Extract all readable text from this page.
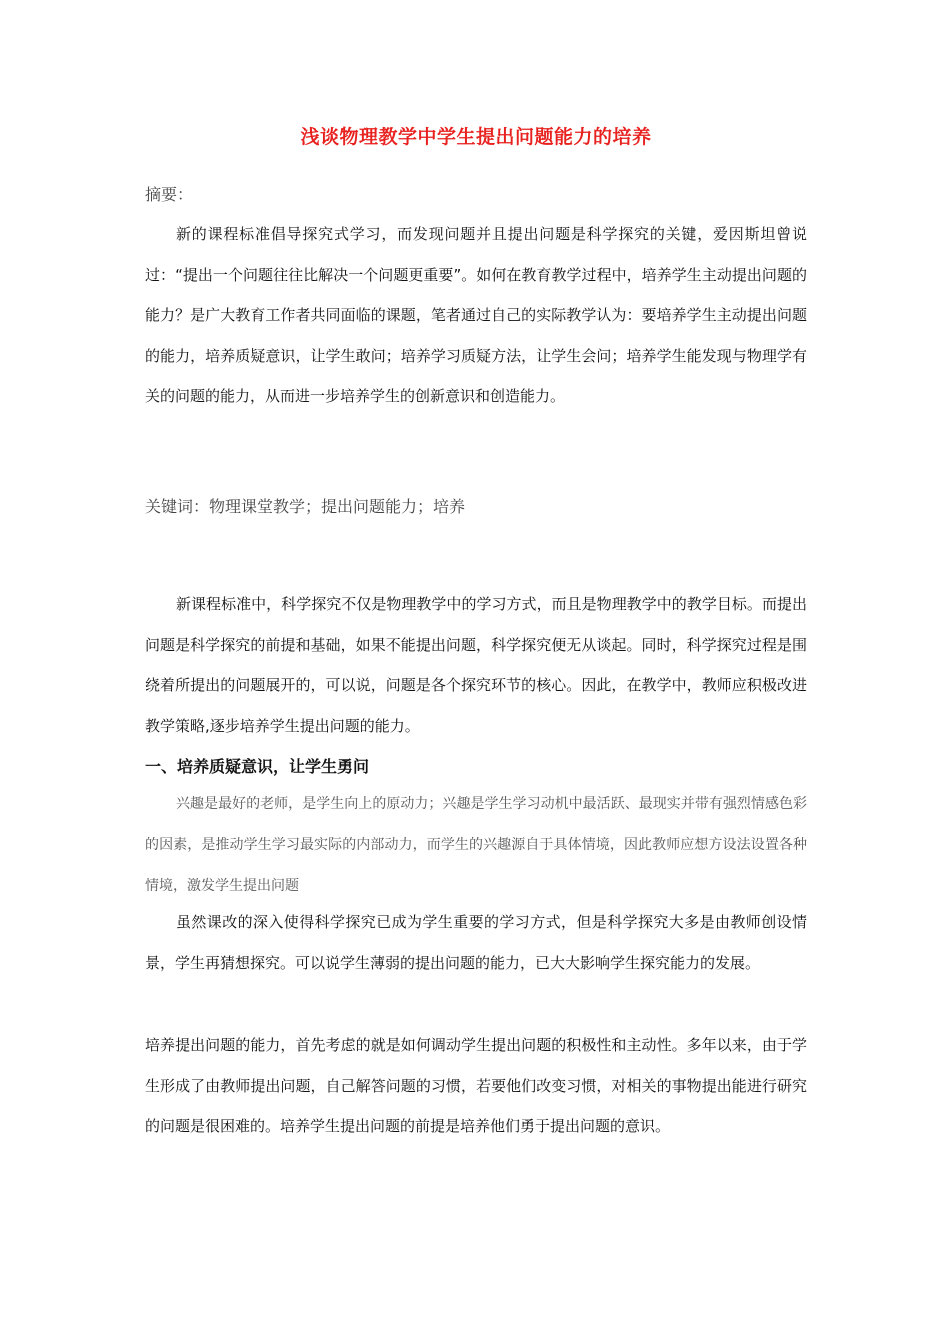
浅谈物理教学中学生提出问题能力的培养
摘要：
新的课程标准倡导探究式学习，而发现问题并且提出问题是科学探究的关键，爱因斯坦曾说过：“提出一个问题往往比解决一个问题更重要”。如何在教育教学过程中，培养学生主动提出问题的能力？是广大教育工作者共同面临的课题，笔者通过自己的实际教学认为：要培养学生主动提出问题的能力，培养质疑意识，让学生敢问；培养学习质疑方法，让学生会问；培养学生能发现与物理学有关的问题的能力，从而进一步培养学生的创新意识和创造能力。
关键词：物理课堂教学；提出问题能力；培养
新课程标准中，科学探究不仅是物理教学中的学习方式，而且是物理教学中的教学目标。而提出问题是科学探究的前提和基础，如果不能提出问题，科学探究便无从谈起。同时，科学探究过程是围绕着所提出的问题展开的，可以说，问题是各个探究环节的核心。因此，在教学中，教师应积极改进教学策略,逐步培养学生提出问题的能力。
一、培养质疑意识，让学生勇问
兴趣是最好的老师，是学生向上的原动力；兴趣是学生学习动机中最活跃、最现实并带有强烈情感色彩的因素，是推动学生学习最实际的内部动力，而学生的兴趣源自于具体情境，因此教师应想方设法设置各种情境，激发学生提出问题
虽然课改的深入使得科学探究已成为学生重要的学习方式，但是科学探究大多是由教师创设情景，学生再猜想探究。可以说学生薄弱的提出问题的能力，已大大影响学生探究能力的发展。
培养提出问题的能力，首先考虑的就是如何调动学生提出问题的积极性和主动性。多年以来，由于学生形成了由教师提出问题，自己解答问题的习惯，若要他们改变习惯，对相关的事物提出能进行研究的问题是很困难的。培养学生提出问题的前提是培养他们勇于提出问题的意识。
